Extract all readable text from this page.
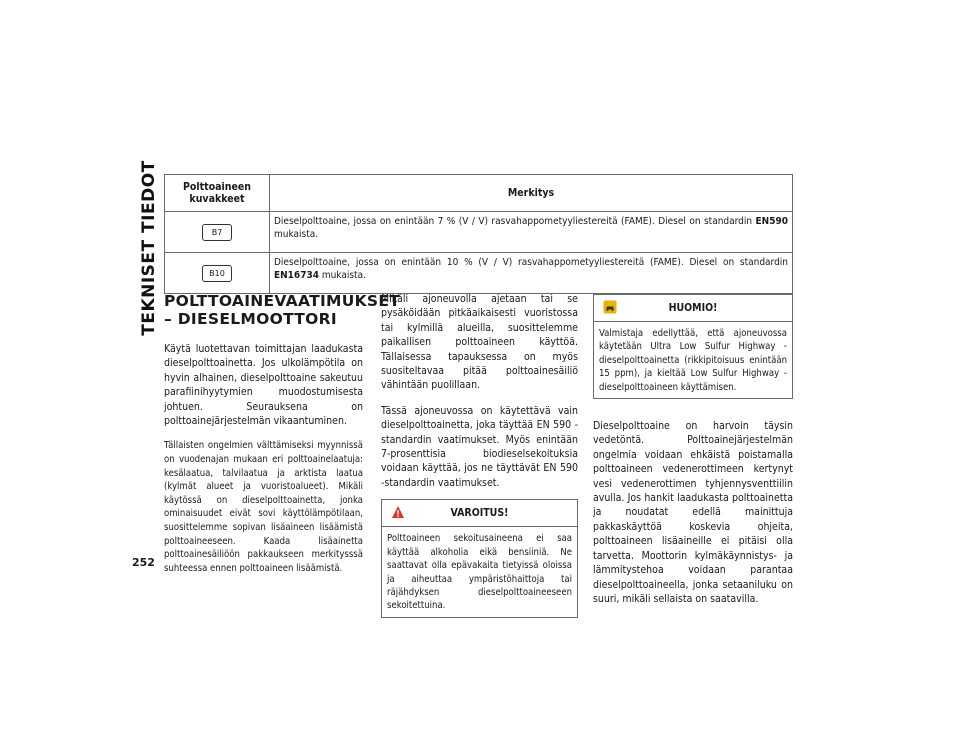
TEKNISET TIEDOT
252
Polttoaineen kuvakkeet	Merkitys
B7	Dieselpolttoaine, jossa on enintään 7 % (V / V) rasvahappometyyliestereitä (FAME). Diesel on standardin EN590 mukaista.
B10	Dieselpolttoaine, jossa on enintään 10 % (V / V) rasvahappometyyliestereitä (FAME). Diesel on standardin EN16734 mukaista.
POLTTOAINEVAATIMUKSET – DIESELMOOTTORI

Käytä luotettavan toimittajan laadukasta dieselpolttoainetta. Jos ulkolämpötila on hyvin alhainen, dieselpolttoaine sakeutuu parafiinihyytymien muodostumisesta johtuen. Seurauksena on polttoainejärjestelmän vikaantuminen.

Tällaisten ongelmien välttämiseksi myynnissä on vuodenajan mukaan eri polttoainelaatuja: kesälaatua, talvilaatua ja arktista laatua (kylmät alueet ja vuoristoalueet). Mikäli käytössä on dieselpolttoainetta, jonka ominaisuudet eivät sovi käyttölämpötilaan, suosittelemme sopivan lisäaineen lisäämistä polttoaineeseen. Kaada lisäainetta polttoainesäiliöön pakkaukseen merkitysssä suhteessa ennen polttoaineen lisäämistä.

Mikäli ajoneuvolla ajetaan tai se pysäköidään pitkäaikaisesti vuoristossa tai kylmillä alueilla, suosittelemme paikallisen polttoaineen käyttöä. Tällaisessa tapauksessa on myös suositeltavaa pitää polttoainesäiliö vähintään puolillaan.

Tässä ajoneuvossa on käytettävä vain dieselpolttoainetta, joka täyttää EN 590 -standardin vaatimukset. Myös enintään 7-prosenttisia biodieselsekoituksia voidaan käyttää, jos ne täyttävät EN 590 -standardin vaatimukset.

VAROITUS!

Polttoaineen sekoitusaineena ei saa käyttää alkoholia eikä bensiiniä. Ne saattavat olla epävakaita tietyissä oloissa ja aiheuttaa ympäristöhaittoja tai räjähdyksen dieselpolttoaineeseen sekoitettuina.

HUOMIO!

Valmistaja edellyttää, että ajoneuvossa käytetään Ultra Low Sulfur Highway -dieselpolttoainetta (rikkipitoisuus enintään 15 ppm), ja kieltää Low Sulfur Highway -dieselpolttoaineen käyttämisen.

Dieselpolttoaine on harvoin täysin vedetöntä. Polttoainejärjestelmän ongelmia voidaan ehkäistä poistamalla polttoaineen vedenerottimeen kertynyt vesi vedenerottimen tyhjennysventtiilin avulla. Jos hankit laadukasta polttoainetta ja noudatat edellä mainittuja pakkaskäyttöä koskevia ohjeita, polttoaineen lisäaineille ei pitäisi olla tarvetta. Moottorin kylmäkäynnistys- ja lämmitystehoa voidaan parantaa dieselpolttoaineella, jonka setaaniluku on suuri, mikäli sellaista on saatavilla.
